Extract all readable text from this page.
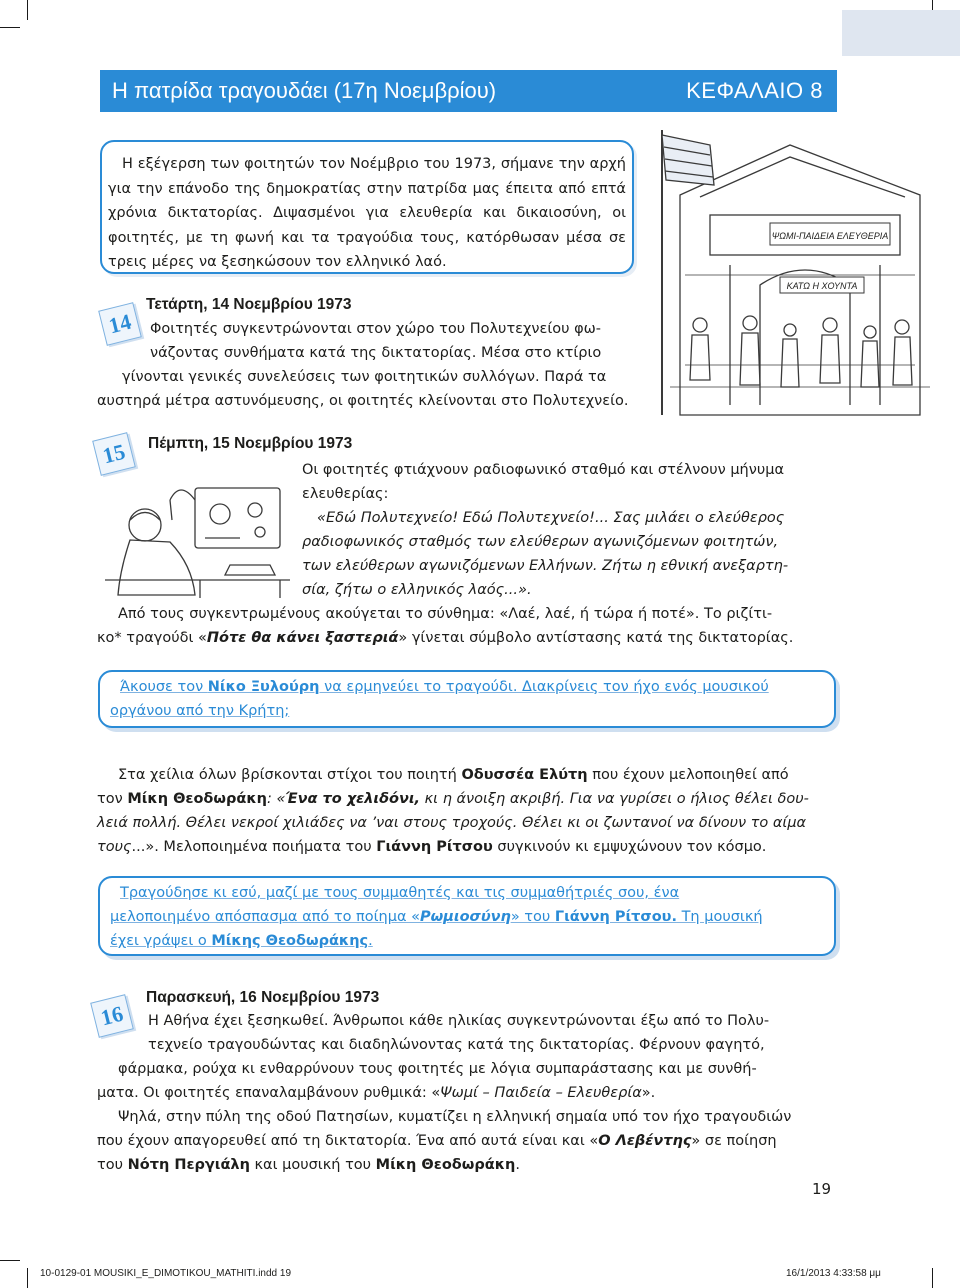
Η πατρίδα τραγουδάει (17η Νοεμβρίου)	ΚΕΦΑΛΑΙΟ 8
Η εξέγερση των φοιτητών τον Νοέμβριο του 1973, σήμανε την αρχή για την επάνοδο της δημοκρατίας στην πατρίδα μας έπειτα από επτά χρόνια δικτατορίας. Διψασμένοι για ελευθερία και δικαιοσύνη, οι φοιτητές, με τη φωνή και τα τραγούδια τους, κατόρθωσαν μέσα σε τρεις μέρες να ξεσηκώσουν τον ελληνικό λαό.
ΨΩΜΙ-ΠΑΙΔΕΙΑ ΕΛΕΥΘΕΡΙΑ
ΚΑΤΩ Η ΧΟΥΝΤΑ
14
Τετάρτη, 14 Νοεμβρίου 1973
Φοιτητές συγκεντρώνονται στον χώρο του Πολυτεχνείου φω-
νάζοντας συνθήματα κατά της δικτατορίας. Μέσα στο κτίριο
γίνονται γενικές συνελεύσεις των φοιτητικών συλλόγων. Παρά τα
αυστηρά μέτρα αστυνόμευσης, οι φοιτητές κλείνονται στο Πολυτεχνείο.
15 Πέμπτη, 15 Νοεμβρίου 1973
Οι φοιτητές φτιάχνουν ραδιοφωνικό σταθμό και στέλνουν μήνυμα
ελευθερίας:
«Εδώ Πολυτεχνείο! Εδώ Πολυτεχνείο!... Σας μιλάει ο ελεύθερος
ραδιοφωνικός σταθμός των ελεύθερων αγωνιζόμενων φοιτητών,
των ελεύθερων αγωνιζόμενων Ελλήνων. Ζήτω η εθνική ανεξαρτη-
σία, ζήτω ο ελληνικός λαός...».
Από τους συγκεντρωμένους ακούγεται το σύνθημα: «Λαέ, λαέ, ή τώρα ή ποτέ». Το ριζίτι-
κο* τραγούδι «Πότε θα κάνει ξαστεριά» γίνεται σύμβολο αντίστασης κατά της δικτατορίας.
Άκουσε τον Νίκο Ξυλούρη να ερμηνεύει το τραγούδι. Διακρίνεις τον ήχο ενός μουσικού
οργάνου από την Κρήτη;
Στα χείλια όλων βρίσκονται στίχοι του ποιητή Οδυσσέα Ελύτη που έχουν μελοποιηθεί από
τον Μίκη Θεοδωράκη: «Ένα το χελιδόνι, κι η άνοιξη ακριβή. Για να γυρίσει ο ήλιος θέλει δου-
λειά πολλή. Θέλει νεκροί χιλιάδες να ’ναι στους τροχούς. Θέλει κι οι ζωντανοί να δίνουν το αίμα
τους...». Μελοποιημένα ποιήματα του Γιάννη Ρίτσου συγκινούν κι εμψυχώνουν τον κόσμο.
Τραγούδησε κι εσύ, μαζί με τους συμμαθητές και τις συμμαθήτριές σου, ένα
μελοποιημένο απόσπασμα από το ποίημα «Ρωμιοσύνη» του Γιάννη Ρίτσου. Τη μουσική
έχει γράψει ο Μίκης Θεοδωράκης.
16
Παρασκευή, 16 Νοεμβρίου 1973
Η Αθήνα έχει ξεσηκωθεί. Άνθρωποι κάθε ηλικίας συγκεντρώνονται έξω από το Πολυ-
τεχνείο τραγουδώντας και διαδηλώνοντας κατά της δικτατορίας. Φέρνουν φαγητό,
φάρμακα, ρούχα κι ενθαρρύνουν τους φοιτητές με λόγια συμπαράστασης και με συνθή-
ματα. Οι φοιτητές επαναλαμβάνουν ρυθμικά: «Ψωμί – Παιδεία – Ελευθερία».
Ψηλά, στην πύλη της οδού Πατησίων, κυματίζει η ελληνική σημαία υπό τον ήχο τραγουδιών
που έχουν απαγορευθεί από τη δικτατορία. Ένα από αυτά είναι και «Ο Λεβέντης» σε ποίηση
του Νότη Περγιάλη και μουσική του Μίκη Θεοδωράκη.
19
10-0129-01 MOUSIKI_E_DIMOTIKOU_MATHITI.indd 19	16/1/2013 4:33:58 μμ
